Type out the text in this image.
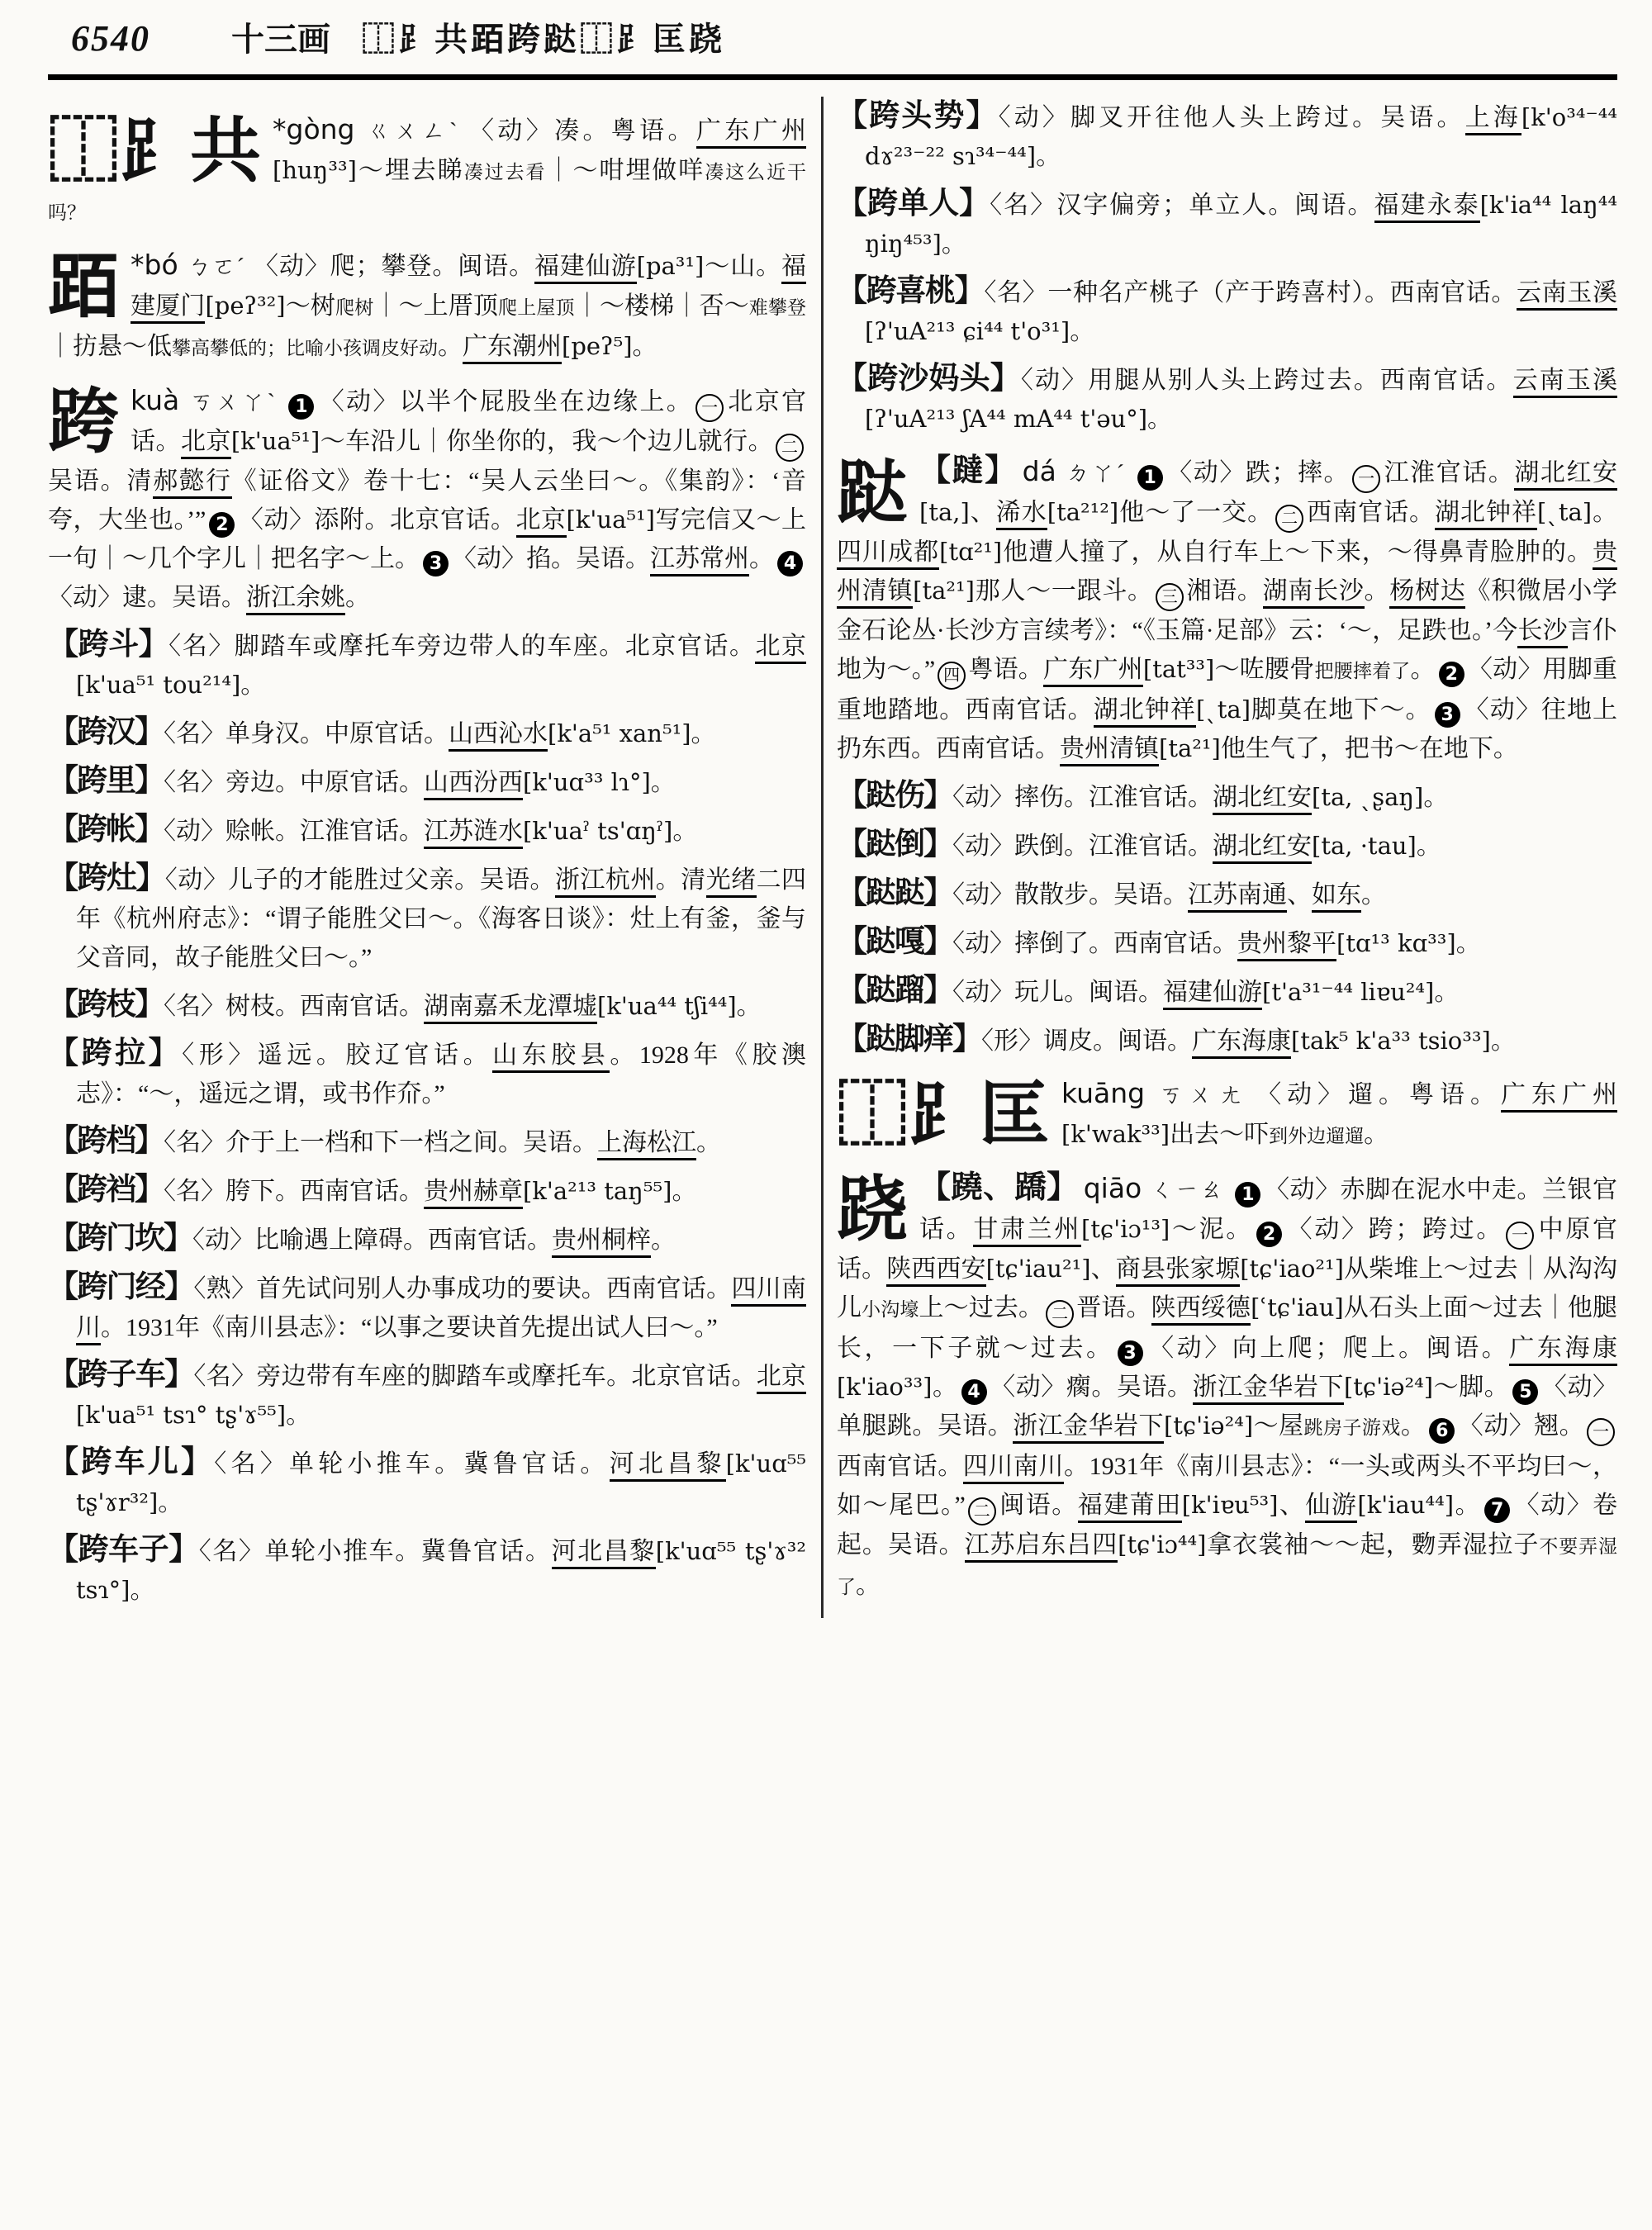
6540 十三画 ⿰⻊共𬦰跨跶⿰⻊匡跷
⿰⻊共 *gòng ㄍㄨㄥˋ 〈动〉凑。粤语。广东广州[huŋ³³]～埋去睇凑过去看｜～咁埋做咩凑这么近干吗？
𬦰 *bó ㄅㄛˊ 〈动〉爬；攀登。闽语。福建仙游[pa³¹]～山。福建厦门[peʔ³²]～树爬树｜～上厝顶爬上屋顶｜～楼梯｜否～难攀登｜㧍悬～低攀高攀低的；比喻小孩调皮好动。广东潮州[peʔ⁵]。
跨kuà ㄎㄨㄚˋ 1 〈动〉以半个屁股坐在边缘上。 一 北京官话。北京[k'ua⁵¹]～车沿儿｜你坐你的，我～个边儿就行。 二吴语。清郝懿行《证俗文》卷十七：“吴人云坐曰～。《集韵》：‘音夸，大坐也。’” 2 〈动〉添附。北京官话。北京[k'ua⁵¹]写完信又～上一句｜～几个字儿｜把名字～上。 3 〈动〉掐。吴语。江苏常州。 4〈动〉逮。吴语。浙江余姚。
【跨斗】〈名〉脚踏车或摩托车旁边带人的车座。北京官话。北京[k'ua⁵¹ tou²¹⁴]。
【跨汉】〈名〉单身汉。中原官话。山西沁水[k'a⁵¹ xan⁵¹]。
【跨里】〈名〉旁边。中原官话。山西汾西[k'uɑ³³ lɿ°]。
【跨帐】〈动〉赊帐。江淮官话。江苏涟水[k'uaˀ ts'ɑŋˀ]。
【跨灶】〈动〉儿子的才能胜过父亲。吴语。浙江杭州。清光绪二四年《杭州府志》：“谓子能胜父曰～。《海客日谈》：灶上有釜，釜与父音同，故子能胜父曰～。”
【跨枝】〈名〉树枝。西南官话。湖南嘉禾龙潭墟[k'ua⁴⁴ tʃi⁴⁴]。
【跨拉】〈形〉遥远。胶辽官话。山东胶县。1928年《胶澳志》：“～，遥远之谓，或书作夼。”
【跨档】〈名〉介于上一档和下一档之间。吴语。上海松江。
【跨裆】〈名〉胯下。西南官话。贵州赫章[k'a²¹³ taŋ⁵⁵]。
【跨门坎】〈动〉比喻遇上障碍。西南官话。贵州桐梓。
【跨门经】〈熟〉首先试问别人办事成功的要诀。西南官话。四川南川。1931年《南川县志》：“以事之要诀首先提出试人曰～。”
【跨子车】〈名〉旁边带有车座的脚踏车或摩托车。北京官话。北京[k'ua⁵¹ tsɿ° tʂ'ɤ⁵⁵]。
【跨车儿】〈名〉单轮小推车。冀鲁官话。河北昌黎[k'uɑ⁵⁵ tʂ'ɤr³²]。
【跨车子】〈名〉单轮小推车。冀鲁官话。河北昌黎[k'uɑ⁵⁵ tʂ'ɤ³² tsɿ°]。
【跨头势】〈动〉脚叉开往他人头上跨过。吴语。上海[k'o³⁴⁻⁴⁴ dɤ²³⁻²² sɿ³⁴⁻⁴⁴]。
【跨单人】〈名〉汉字偏旁；单立人。闽语。福建永泰[k'ia⁴⁴ laŋ⁴⁴ ŋiŋ⁴⁵³]。
【跨喜桃】〈名〉一种名产桃子（产于跨喜村）。西南官话。云南玉溪[ʔ'uA²¹³ ɕi⁴⁴ t'o³¹]。
【跨沙妈头】〈动〉用腿从别人头上跨过去。西南官话。云南玉溪[ʔ'uA²¹³ ʃA⁴⁴ mA⁴⁴ t'əu°]。
跶 【躂】 dá ㄉㄚˊ 1 〈动〉跌；摔。 一 江淮官话。湖北红安[ta,]、浠水[ta²¹²]他～了一交。 二 西南官话。湖北钟祥[ˎta]。四川成都[tɑ²¹]他遭人撞了，从自行车上～下来，～得鼻青脸肿的。贵州清镇[ta²¹]那人～一跟斗。 三 湘语。湖南长沙。杨树达《积微居小学金石论丛·长沙方言续考》：“《玉篇·足部》云：‘～，足跌也。’今长沙言仆地为～。” 四 粤语。广东广州[tat³³]～咗腰骨把腰摔着了。 2 〈动〉用脚重重地踏地。西南官话。湖北钟祥[ˎta]脚莫在地下～。 3 〈动〉往地上扔东西。西南官话。贵州清镇[ta²¹]他生气了，把书～在地下。
【跶伤】〈动〉摔伤。江淮官话。湖北红安[ta, ˎʂaŋ]。
【跶倒】〈动〉跌倒。江淮官话。湖北红安[ta, ·tau]。
【跶跶】〈动〉散散步。吴语。江苏南通、如东。
【跶嘎】〈动〉摔倒了。西南官话。贵州黎平[tɑ¹³ kɑ³³]。
【跶蹓】〈动〉玩儿。闽语。福建仙游[t'a³¹⁻⁴⁴ liɐu²⁴]。
【跶脚痒】〈形〉调皮。闽语。广东海康[tak⁵ k'a³³ tsio³³]。
⿰⻊匡 kuāng ㄎㄨㄤ 〈动〉遛。粤语。广东广州[k'wak³³]出去～吓到外边遛遛。
跷 【蹺、蹻】 qiāo ㄑㄧㄠ 1 〈动〉赤脚在泥水中走。兰银官话。甘肃兰州[tɕ'iɔ¹³]～泥。 2 〈动〉跨；跨过。 一 中原官话。陕西西安[tɕ'iau²¹]、商县张家塬[tɕ'iao²¹]从柴堆上～过去｜从沟沟儿小沟壕上～过去。 二 晋语。陕西绥德[ʿtɕ'iau]从石头上面～过去｜他腿长，一下子就～过去。 3 〈动〉向上爬；爬上。闽语。广东海康[k'iao³³]。 4 〈动〉瘸。吴语。浙江金华岩下[tɕ'iə²⁴]～脚。 5 〈动〉单腿跳。吴语。浙江金华岩下[tɕ'iə²⁴]～屋跳房子游戏。 6 〈动〉翘。 一西南官话。四川南川。1931年《南川县志》：“一头或两头不平均曰～，如～尾巴。” 二 闽语。福建莆田[k'iɐu⁵³]、仙游[k'iau⁴⁴]。 7 〈动〉卷起。吴语。江苏启东吕四[tɕ'iɔ⁴⁴]拿衣裳袖～～起，覅弄湿拉子不要弄湿了。
